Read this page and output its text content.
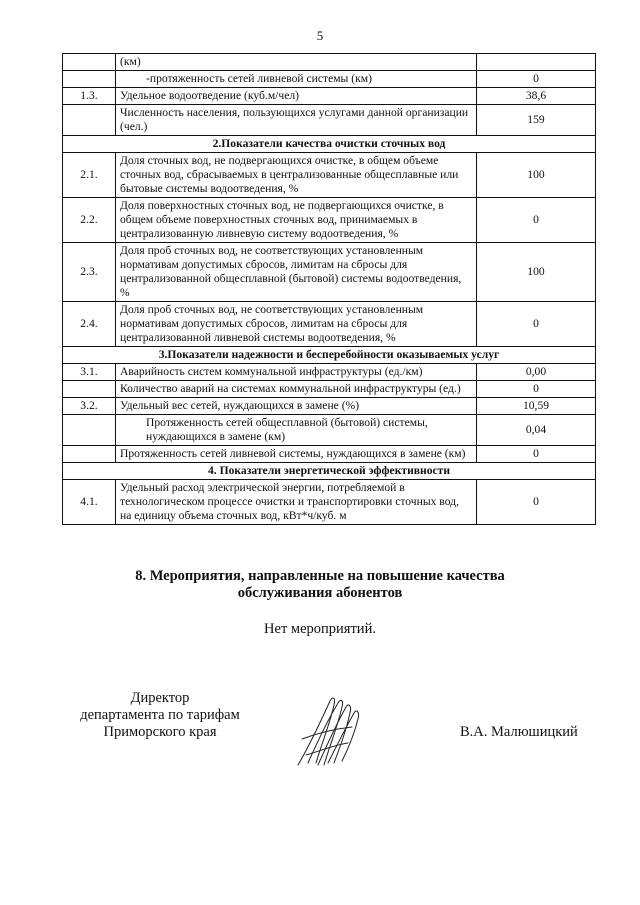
5
	(км)	
	-протяженность сетей ливневой системы (км)	0
1.3.	Удельное водоотведение (куб.м/чел)	38,6
	Численность населения, пользующихся услугами данной организации (чел.)	159
2.Показатели качества очистки сточных вод		
2.1.	Доля сточных вод, не подвергающихся очистке, в общем объеме сточных вод, сбрасываемых в централизованные общесплавные или бытовые системы водоотведения, %	100
2.2.	Доля поверхностных сточных вод, не подвергающихся очистке, в общем объеме поверхностных сточных вод, принимаемых в централизованную ливневую систему водоотведения, %	0
2.3.	Доля проб сточных вод, не соответствующих установленным нормативам допустимых сбросов, лимитам на сбросы для централизованной общесплавной (бытовой) системы водоотведения, %	100
2.4.	Доля проб сточных вод, не соответствующих установленным нормативам допустимых сбросов, лимитам на сбросы для централизованной ливневой системы водоотведения, %	0
3.Показатели надежности и бесперебойности оказываемых услуг		
3.1.	Аварийность систем коммунальной инфраструктуры (ед./км)	0,00
	Количество аварий на системах коммунальной инфраструктуры (ед.)	0
3.2.	Удельный вес сетей, нуждающихся в замене (%)	10,59
	Протяженность сетей общесплавной (бытовой) системы, нуждающихся в замене (км)	0,04
	Протяженность сетей ливневой системы, нуждающихся в замене (км)	0
4. Показатели энергетической эффективности		
4.1.	Удельный расход электрической энергии, потребляемой в технологическом процессе очистки и транспортировки сточных вод, на единицу объема сточных вод, кВт*ч/куб. м	0
8. Мероприятия, направленные на повышение качества
обслуживания абонентов
Нет мероприятий.
Директор
департамента по тарифам
Приморского края	В.А. Малюшицкий
